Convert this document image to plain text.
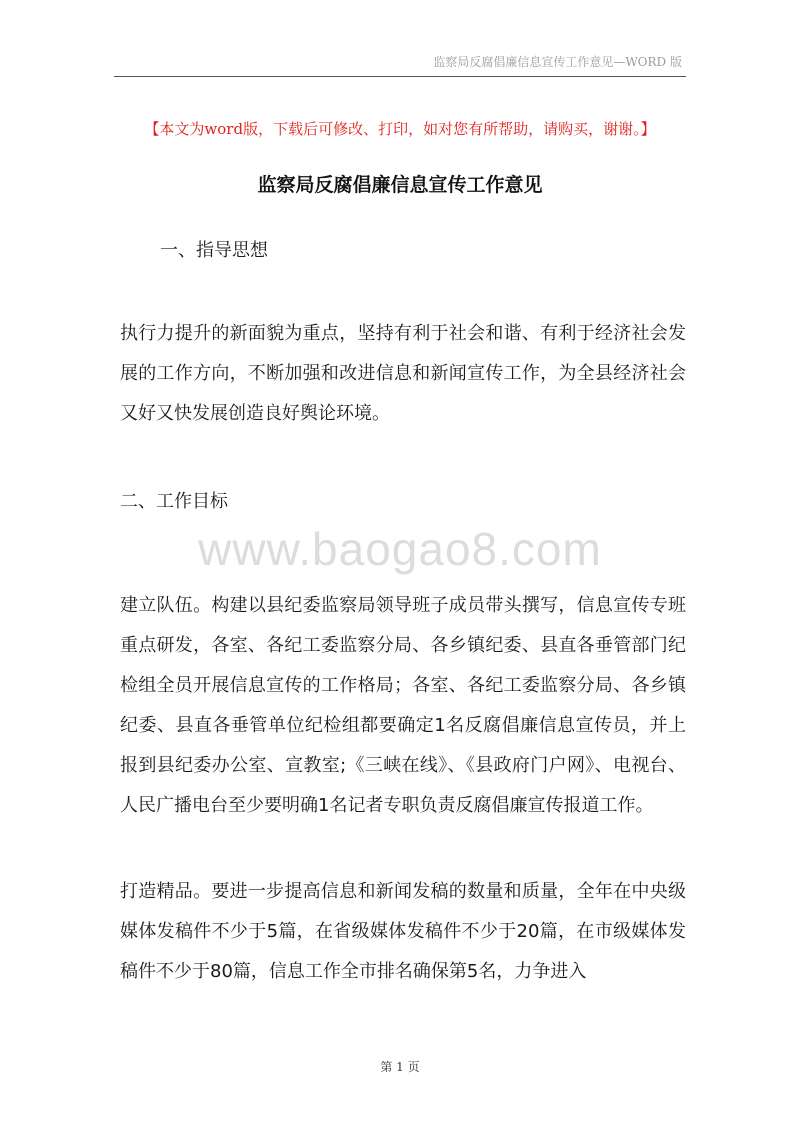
监察局反腐倡廉信息宣传工作意见—WORD 版
【本文为word版，下载后可修改、打印，如对您有所帮助，请购买，谢谢。】
监察局反腐倡廉信息宣传工作意见
一、指导思想

执行力提升的新面貌为重点，坚持有利于社会和谐、有利于经济社会发展的工作方向，不断加强和改进信息和新闻宣传工作，为全县经济社会又好又快发展创造良好舆论环境。

二、工作目标
www.baogao8.com

建立队伍。构建以县纪委监察局领导班子成员带头撰写，信息宣传专班重点研发，各室、各纪工委监察分局、各乡镇纪委、县直各垂管部门纪检组全员开展信息宣传的工作格局；各室、各纪工委监察分局、各乡镇纪委、县直各垂管单位纪检组都要确定1名反腐倡廉信息宣传员，并上报到县纪委办公室、宣教室;《三峡在线》、《县政府门户网》、电视台、人民广播电台至少要明确1名记者专职负责反腐倡廉宣传报道工作。

打造精品。要进一步提高信息和新闻发稿的数量和质量，全年在中央级媒体发稿件不少于5篇，在省级媒体发稿件不少于20篇，在市级媒体发稿件不少于80篇，信息工作全市排名确保第5名，力争进入

第 1 页
